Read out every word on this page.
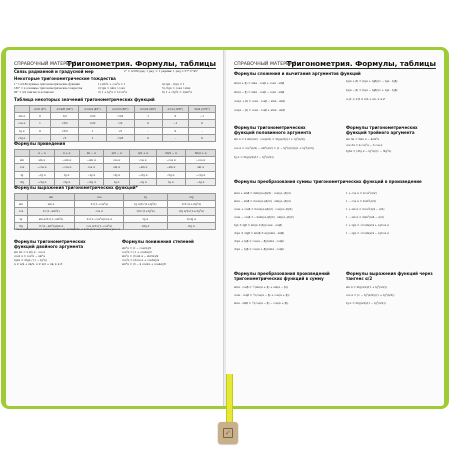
СПРАВОЧНЫЙ МАТЕРИАЛ
Тригонометрия. Формулы, таблицы
Связь радианной и градусной мер	x° = π/180 рад; 1 рад. = 1 радиан; 1 рад ≈ 57°17'45"
Некоторые тригонометрические тождества
1° = π/180 прямые тригонометрические функции
180° = π основные тригонометрические тождества
90° = π/2 тангенс и котангенс
1) sin²α + cos²α = 1
2) tgα = sinα / cosα
3) 1 + tg²α = 1/cos²α
4) tgα · ctgα = 1
5) ctgα = cosα / sinα
6) 1 + ctg²α = 1/sin²α
Таблица некоторых значений тригонометрических функций
	α=0 (0°)	α=π/6 (30°)	α=π/4 (45°)	α=π/3 (60°)	α=π/2 (90°)	α=π (180°)	3π/2 (270°)
sin α	0	1/2	√2/2	√3/2	1	0	−1
cos α	1	√3/2	√2/2	1/2	0	−1	0
tg α	0	√3/3	1	√3	–	0	–
ctg α	–	√3	1	√3/3	0	–	0
Формулы приведения
	π − α	π + α	2π − α	π/2 − α	π/2 + α	3π/2 − α	3π/2 + α
sin	sin α	−sin α	−sin α	cos α	cos α	−cos α	−cos α
cos	−cos α	−cos α	cos α	sin α	−sin α	−sin α	sin α
tg	−tg α	tg α	−tg α	ctg α	−ctg α	ctg α	−ctg α
ctg	−ctg α	ctg α	−ctg α	tg α	−tg α	tg α	−tg α
Формулы выражения тригонометрических функций*
	sin	cos	tg	ctg
sin	sin α	±√(1−cos²α)	tg α/±√(1+tg²α)	1/±√(1+ctg²α)
cos	±√(1−sin²α)	cos α	1/±√(1+tg²α)	ctg α/±√(1+ctg²α)
tg	sin α/±√(1−sin²α)	±√(1−cos²α)/cos α	tg α	1/ctg α
ctg	±√(1−sin²α)/sin α	cos α/±√(1−cos²α)	1/tg α	ctg α
* Знак выбирается в зависимости от четверти, в которой находится угол α
Формулы тригонометрических функций двойного аргумента
sin 2α = 2 sin α · cos α
cos2 α = cos²α − sin²α
tg2α = 2tgα / (1 − tg²α)
α ≠ π/4 + πk/2, α ≠ π/2 + πk, k ∈ Z
Формулы понижения степеней
sin²α = (1 − cos2α)/2
cos²α = (1 + cos2α)/2
sin³α = (3 sin α − sin3α)/4
cos³α = (3cos α + cos3α)/4
sin⁴α = (3 − 4 cos2α + cos4α)/8
СПРАВОЧНЫЙ МАТЕРИАЛ
Тригонометрия. Формулы, таблицы
Формулы сложения и вычитания аргументов функций
sin(α + β) = sinα · cosβ + cosα · sinβ
sin(α − β) = sinα · cosβ − cosα · sinβ
cos(α + β) = cosα · cosβ − sinα · sinβ
cos(α − β) = cosα · cosβ + sinα · sinβ
tg(α + β) = (tgα + tgβ)/(1 − tgα · tgβ)
tg(α − β) = (tgα − tgβ)/(1 + tgα · tgβ)
α, β, α ± β ≠ π/2 + πn, n ∈ Z
Формулы тригонометрических функций половинного аргумента
sin α = 2 sin(α/2) · cos(α/2) = 2tg(α/2)/(1 + tg²(α/2))
cos α = cos²(α/2) − sin²(α/2) = (1 − tg²(α/2))/(1 + tg²(α/2))
tg α = 2tg(α/2)/(1 − tg²(α/2))
Формулы тригонометрических функций тройного аргумента
sin 3α = 3sin α − 4sin³α
cos 3α = 4 cos³α − 3 cos α
tg3α = (3tg α − tg³α)/(1 − 3tg²α)
Формулы преобразования суммы тригонометрических функций в произведение
sinα + sinβ = 2sin((α+β)/2) · cos((α−β)/2)
sinα − sinβ = 2cos((α+β)/2) · sin((α−β)/2)
cosα + cosβ = 2cos((α+β)/2) · cos((α−β)/2)
cosα − cosβ = −2sin((α+β)/2) · sin((α−β)/2)
tgα ± tgβ = sin(α ± β)/(cosα · cosβ)
ctgα ± ctgβ = sin(β ± α)/(sinα · sinβ)
ctgα + tgβ = cos(α − β)/(sinα · cosβ)
ctgα − tgβ = cos(α + β)/(sinα · cosβ)
1 + cos α = 2cos²(α/2)
1 − cos α = 2sin²(α/2)
1 + sin α = 2cos²(π/4 − α/2)
1 − sin α = 2sin²(π/4 − α/2)
1 + tgα = √2 sin(π/4 + α)/cos α
1 − tgα = √2 sin(π/4 − α)/cos α
Формулы преобразования произведений тригонометрических функций в сумму
sinα · cosβ = ½(sin(α + β) + sin(α − β))
cosα · cosβ = ½(cos(α − β) + cos(α + β))
sinα · sinβ = ½(cos(α − β) − cos(α + β))
Формулы выражения функций через тангенс α/2
sin α = 2tg(α/2)/(1 + tg²(α/2))
cos α = (1 − tg²(α/2))/(1 + tg²(α/2))
tg α = 2tg(α/2)/(1 − tg²(α/2))
✓
